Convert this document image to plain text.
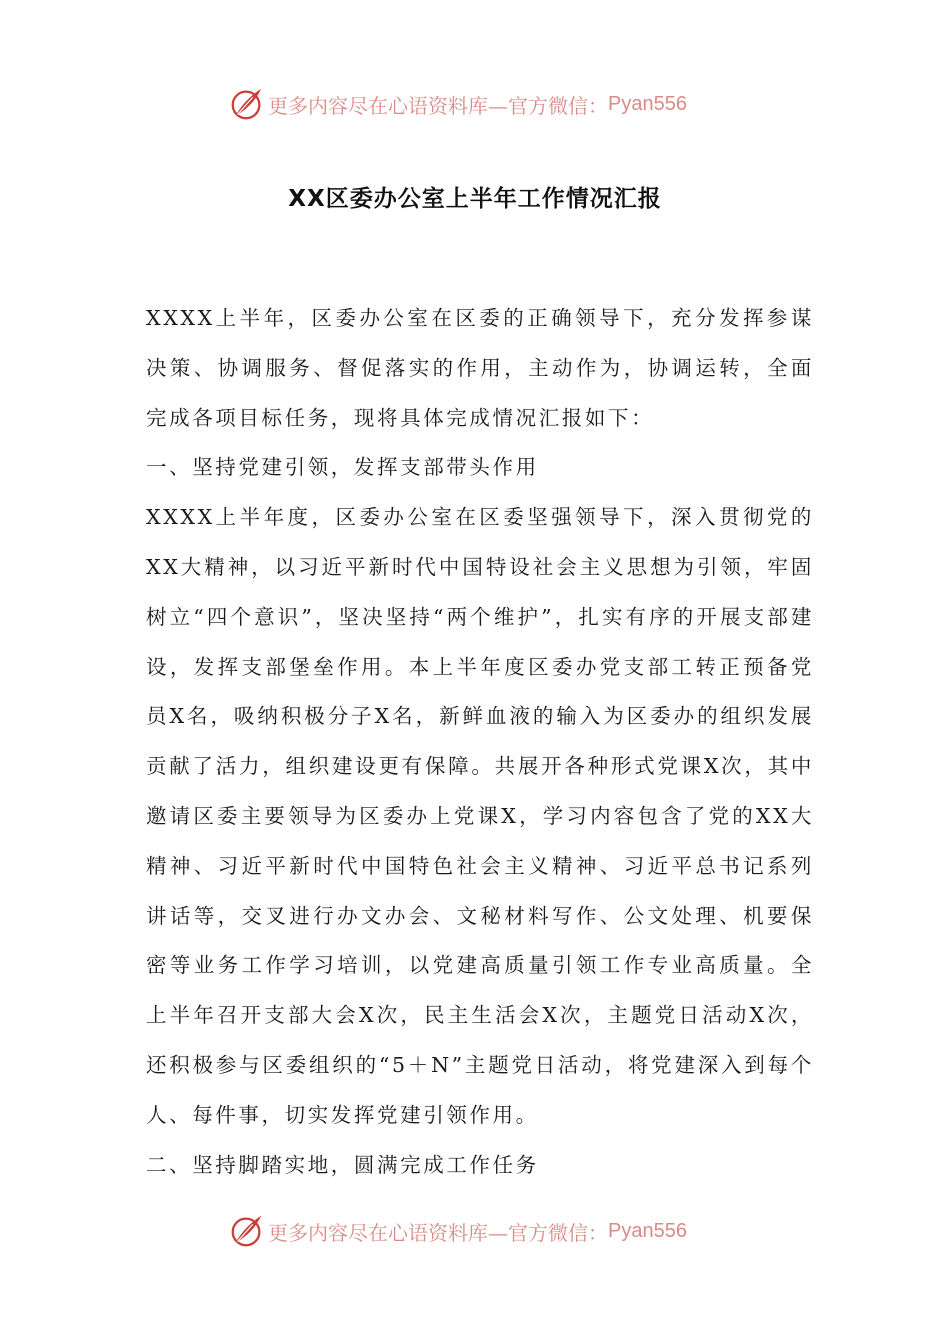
更多内容尽在心语资料库—官方微信： Pyan556
XX区委办公室上半年工作情况汇报

XXXX上半年，区委办公室在区委的正确领导下，充分发挥参谋决策、协调服务、督促落实的作用，主动作为，协调运转，全面完成各项目标任务，现将具体完成情况汇报如下：

一、坚持党建引领，发挥支部带头作用

XXXX上半年度，区委办公室在区委坚强领导下，深入贯彻党的XX大精神，以习近平新时代中国特设社会主义思想为引领，牢固树立“四个意识”，坚决坚持“两个维护”，扎实有序的开展支部建设，发挥支部堡垒作用。本上半年度区委办党支部工转正预备党员X名，吸纳积极分子X名，新鲜血液的输入为区委办的组织发展贡献了活力，组织建设更有保障。共展开各种形式党课X次，其中邀请区委主要领导为区委办上党课X，学习内容包含了党的XX大精神、习近平新时代中国特色社会主义精神、习近平总书记系列讲话等，交叉进行办文办会、文秘材料写作、公文处理、机要保密等业务工作学习培训，以党建高质量引领工作专业高质量。全上半年召开支部大会X次，民主生活会X次，主题党日活动X次，还积极参与区委组织的“5＋N”主题党日活动，将党建深入到每个人、每件事，切实发挥党建引领作用。

二、坚持脚踏实地，圆满完成工作任务

更多内容尽在心语资料库—官方微信： Pyan556
